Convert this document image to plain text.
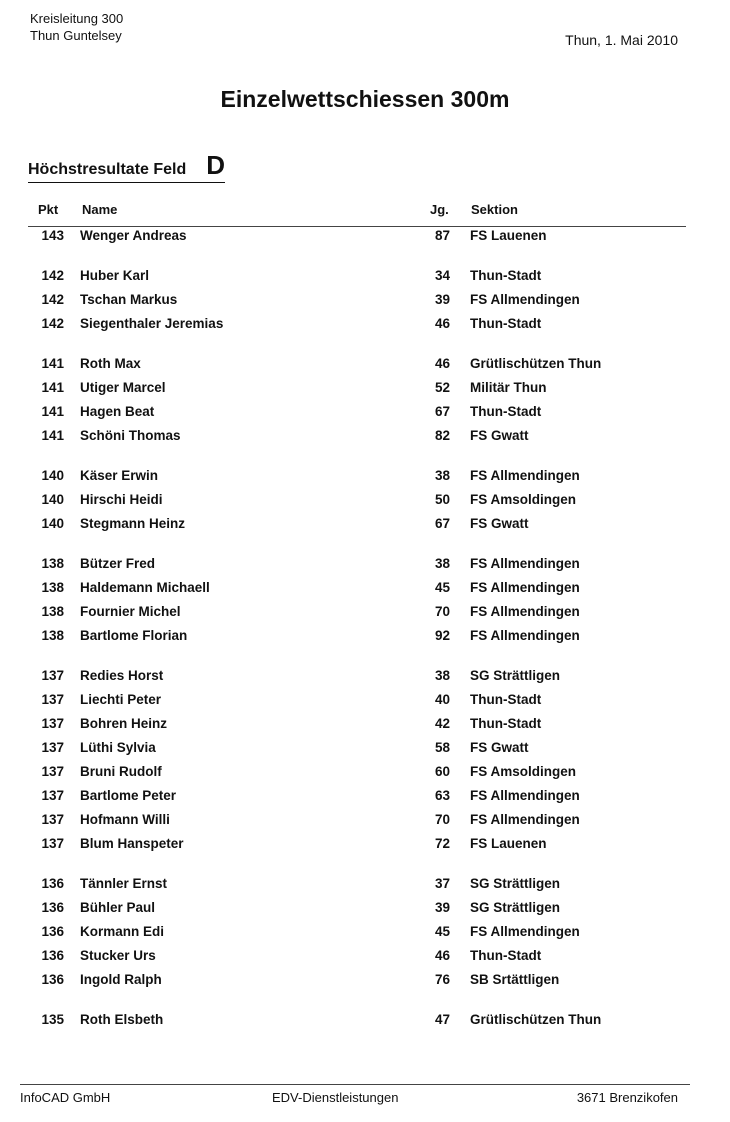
Kreisleitung 300
Thun Guntelsey	Thun, 1. Mai 2010
Einzelwettschiessen 300m
Höchstresultate Feld D
Pkt Name	Jg. Sektion
143 Wenger Andreas	87 FS Lauenen
142 Huber Karl	34 Thun-Stadt
142 Tschan Markus	39 FS Allmendingen
142 Siegenthaler Jeremias	46 Thun-Stadt
141 Roth Max	46 Grütlischützen Thun
141 Utiger Marcel	52 Militär Thun
141 Hagen Beat	67 Thun-Stadt
141 Schöni Thomas	82 FS Gwatt
140 Käser Erwin	38 FS Allmendingen
140 Hirschi Heidi	50 FS Amsoldingen
140 Stegmann Heinz	67 FS Gwatt
138 Bützer Fred	38 FS Allmendingen
138 Haldemann Michaell	45 FS Allmendingen
138 Fournier Michel	70 FS Allmendingen
138 Bartlome Florian	92 FS Allmendingen
137 Redies Horst	38 SG Strättligen
137 Liechti Peter	40 Thun-Stadt
137 Bohren Heinz	42 Thun-Stadt
137 Lüthi Sylvia	58 FS Gwatt
137 Bruni Rudolf	60 FS Amsoldingen
137 Bartlome Peter	63 FS Allmendingen
137 Hofmann Willi	70 FS Allmendingen
137 Blum Hanspeter	72 FS Lauenen
136 Tännler Ernst	37 SG Strättligen
136 Bühler Paul	39 SG Strättligen
136 Kormann Edi	45 FS Allmendingen
136 Stucker Urs	46 Thun-Stadt
136 Ingold Ralph	76 SB Srtättligen
135 Roth Elsbeth	47 Grütlischützen Thun
InfoCAD GmbH	EDV-Dienstleistungen	3671 Brenzikofen
